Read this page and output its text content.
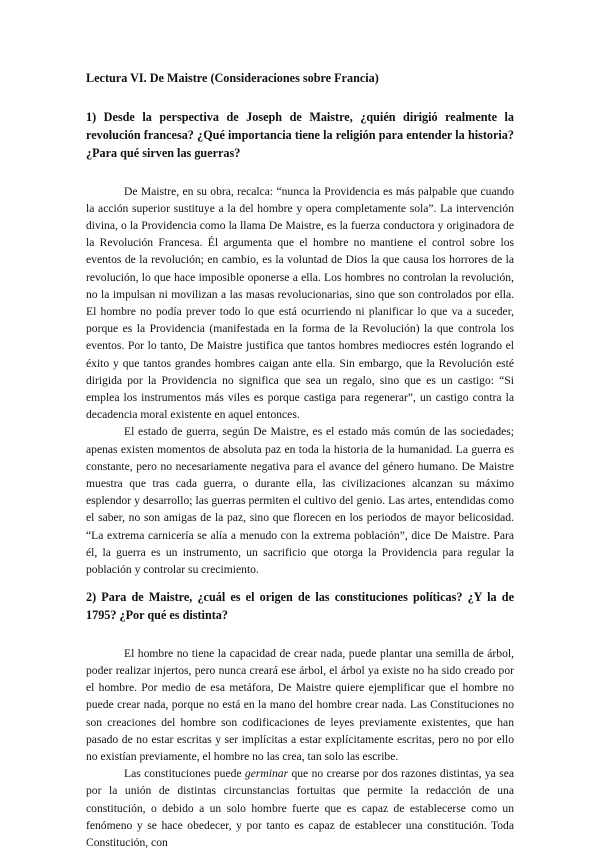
Lectura VI. De Maistre (Consideraciones sobre Francia)
1) Desde la perspectiva de Joseph de Maistre, ¿quién dirigió realmente la revolución francesa? ¿Qué importancia tiene la religión para entender la historia? ¿Para qué sirven las guerras?

De Maistre, en su obra, recalca: “nunca la Providencia es más palpable que cuando la acción superior sustituye a la del hombre y opera completamente sola”. La intervención divina, o la Providencia como la llama De Maistre, es la fuerza conductora y originadora de la Revolución Francesa. Él argumenta que el hombre no mantiene el control sobre los eventos de la revolución; en cambio, es la voluntad de Dios la que causa los horrores de la revolución, lo que hace imposible oponerse a ella. Los hombres no controlan la revolución, no la impulsan ni movilizan a las masas revolucionarias, sino que son controlados por ella. El hombre no podía prever todo lo que está ocurriendo ni planificar lo que va a suceder, porque es la Providencia (manifestada en la forma de la Revolución) la que controla los eventos. Por lo tanto, De Maistre justifica que tantos hombres mediocres estén logrando el éxito y que tantos grandes hombres caigan ante ella. Sin embargo, que la Revolución esté dirigida por la Providencia no significa que sea un regalo, sino que es un castigo: “Si emplea los instrumentos más viles es porque castiga para regenerar”, un castigo contra la decadencia moral existente en aquel entonces.

El estado de guerra, según De Maistre, es el estado más común de las sociedades; apenas existen momentos de absoluta paz en toda la historia de la humanidad. La guerra es constante, pero no necesariamente negativa para el avance del género humano. De Maistre muestra que tras cada guerra, o durante ella, las civilizaciones alcanzan su máximo esplendor y desarrollo; las guerras permiten el cultivo del genio. Las artes, entendidas como el saber, no son amigas de la paz, sino que florecen en los periodos de mayor belicosidad. “La extrema carnicería se alía a menudo con la extrema población”, dice De Maistre. Para él, la guerra es un instrumento, un sacrificio que otorga la Providencia para regular la población y controlar su crecimiento.

2) Para de Maistre, ¿cuál es el origen de las constituciones políticas? ¿Y la de 1795? ¿Por qué es distinta?

El hombre no tiene la capacidad de crear nada, puede plantar una semilla de árbol, poder realizar injertos, pero nunca creará ese árbol, el árbol ya existe no ha sido creado por el hombre. Por medio de esa metáfora, De Maistre quiere ejemplificar que el hombre no puede crear nada, porque no está en la mano del hombre crear nada. Las Constituciones no son creaciones del hombre son codificaciones de leyes previamente existentes, que han pasado de no estar escritas y ser implícitas a estar explícitamente escritas, pero no por ello no existían previamente, el hombre no las crea, tan solo las escribe.

Las constituciones puede germinar que no crearse por dos razones distintas, ya sea por la unión de distintas circunstancias fortuitas que permite la redacción de una constitución, o debido a un solo hombre fuerte que es capaz de establecerse como un fenómeno y se hace obedecer, y por tanto es capaz de establecer una constitución. Toda Constitución, con
